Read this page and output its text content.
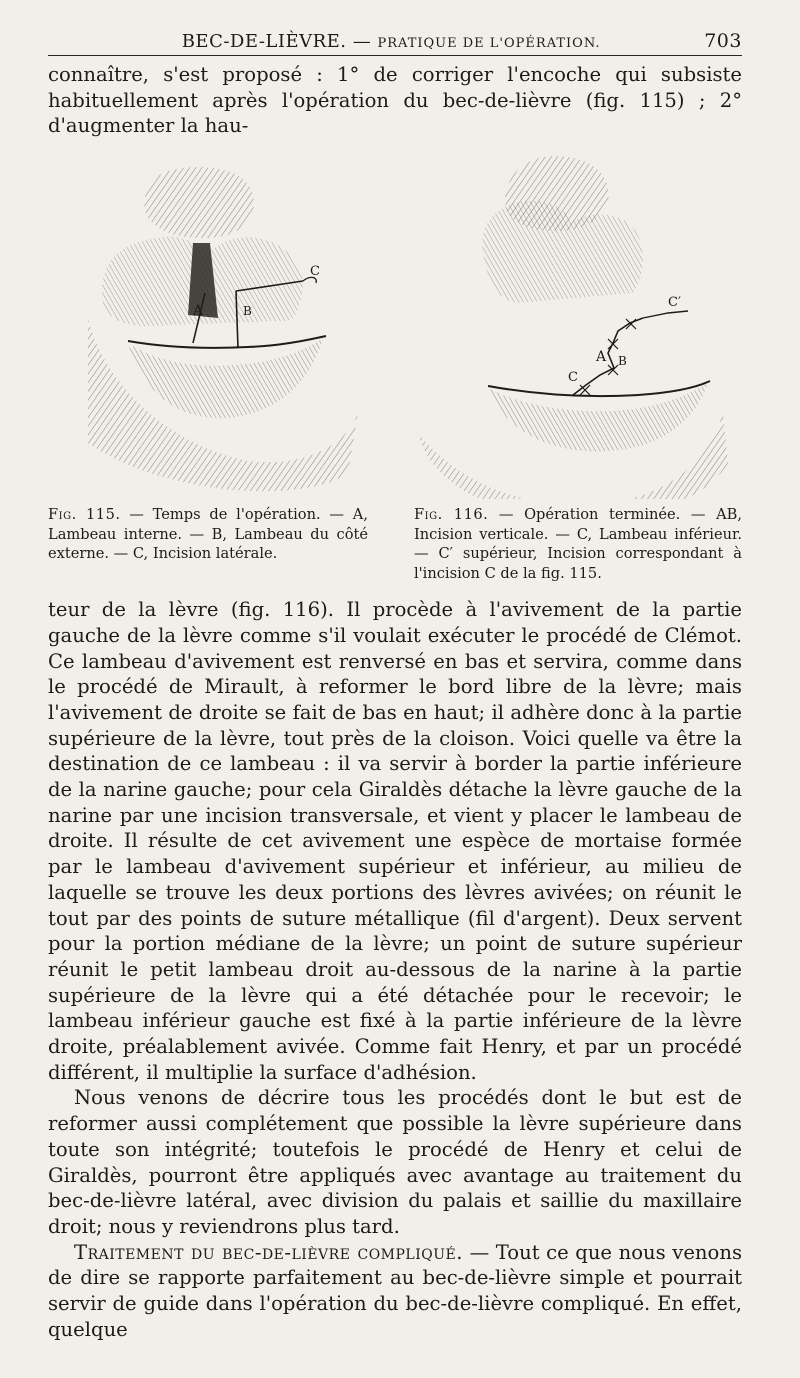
BEC-DE-LIÈVRE. — PRATIQUE DE L'OPÉRATION.	703

connaître, s'est proposé : 1° de corriger l'encoche qui subsiste habituellement après l'opération du bec-de-lièvre (fig. 115) ; 2° d'augmenter la hau-

A	B
C
C
A B
C′
Fig. 115. — Temps de l'opération. — A, Lambeau interne. — B, Lambeau du côté externe. — C, Incision latérale.
Fig. 116. — Opération terminée. — AB, Incision verticale. — C, Lambeau inférieur. — C′ supérieur, Incision correspondant à l'incision C de la fig. 115.

teur de la lèvre (fig. 116). Il procède à l'avivement de la partie gauche de la lèvre comme s'il voulait exécuter le procédé de Clémot. Ce lambeau d'avivement est renversé en bas et servira, comme dans le procédé de Mirault, à reformer le bord libre de la lèvre; mais l'avivement de droite se fait de bas en haut; il adhère donc à la partie supérieure de la lèvre, tout près de la cloison. Voici quelle va être la destination de ce lambeau : il va servir à border la partie inférieure de la narine gauche; pour cela Giraldès détache la lèvre gauche de la narine par une incision transversale, et vient y placer le lambeau de droite. Il résulte de cet avivement une espèce de mortaise formée par le lambeau d'avivement supérieur et inférieur, au milieu de laquelle se trouve les deux portions des lèvres avivées; on réunit le tout par des points de suture métallique (fil d'argent). Deux servent pour la portion médiane de la lèvre; un point de suture supérieur réunit le petit lambeau droit au-dessous de la narine à la partie supérieure de la lèvre qui a été détachée pour le recevoir; le lambeau inférieur gauche est fixé à la partie inférieure de la lèvre droite, préalablement avivée. Comme fait Henry, et par un procédé différent, il multiplie la surface d'adhésion.

Nous venons de décrire tous les procédés dont le but est de reformer aussi complétement que possible la lèvre supérieure dans toute son intégrité; toutefois le procédé de Henry et celui de Giraldès, pourront être appliqués avec avantage au traitement du bec-de-lièvre latéral, avec division du palais et saillie du maxillaire droit; nous y reviendrons plus tard.

Traitement du bec-de-lièvre compliqué. — Tout ce que nous venons de dire se rapporte parfaitement au bec-de-lièvre simple et pourrait servir de guide dans l'opération du bec-de-lièvre compliqué. En effet, quelque
